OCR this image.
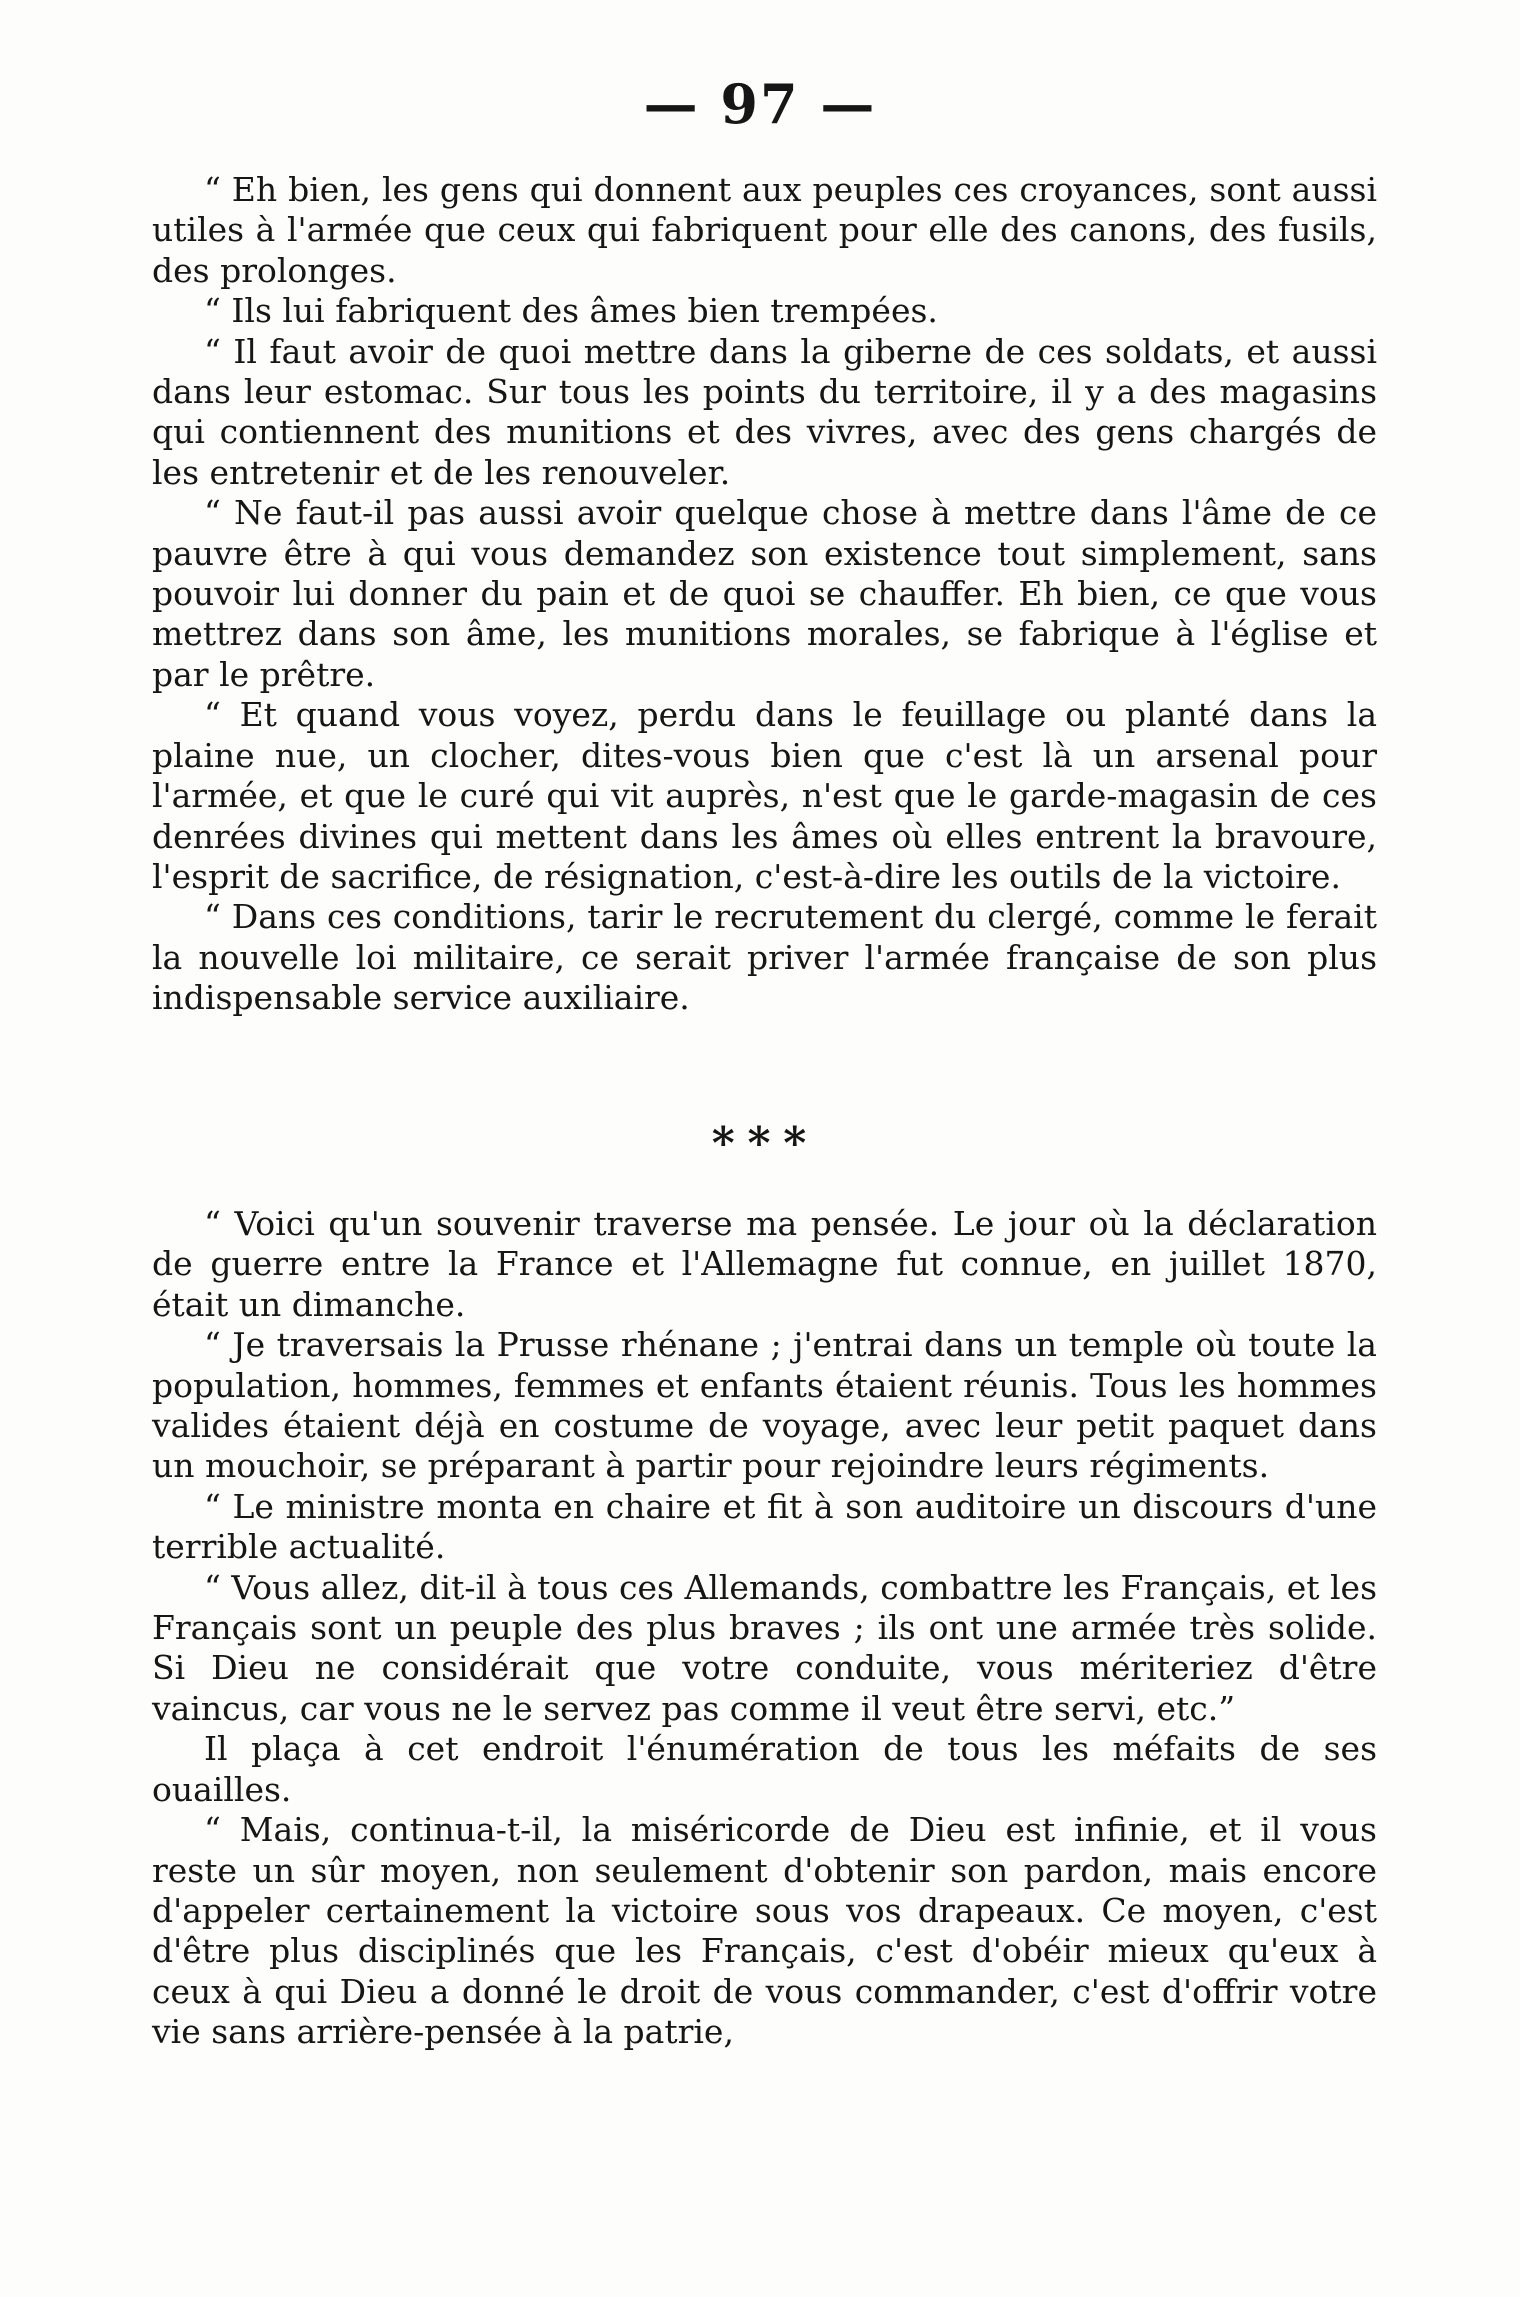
— 97 —

“ Eh bien, les gens qui donnent aux peuples ces croyances, sont aussi utiles à l'armée que ceux qui fabriquent pour elle des canons, des fusils, des prolonges.

“ Ils lui fabriquent des âmes bien trempées.

“ Il faut avoir de quoi mettre dans la giberne de ces soldats, et aussi dans leur estomac. Sur tous les points du territoire, il y a des magasins qui contiennent des munitions et des vivres, avec des gens chargés de les entretenir et de les renouveler.

“ Ne faut-il pas aussi avoir quelque chose à mettre dans l'âme de ce pauvre être à qui vous demandez son existence tout simplement, sans pouvoir lui donner du pain et de quoi se chauffer. Eh bien, ce que vous mettrez dans son âme, les munitions morales, se fabrique à l'église et par le prêtre.

“ Et quand vous voyez, perdu dans le feuillage ou planté dans la plaine nue, un clocher, dites-vous bien que c'est là un arsenal pour l'armée, et que le curé qui vit auprès, n'est que le garde-magasin de ces denrées divines qui mettent dans les âmes où elles entrent la bravoure, l'esprit de sacrifice, de résignation, c'est-à-dire les outils de la victoire.

“ Dans ces conditions, tarir le recrutement du clergé, comme le ferait la nouvelle loi militaire, ce serait priver l'armée française de son plus indispensable service auxiliaire.

* * *

“ Voici qu'un souvenir traverse ma pensée. Le jour où la déclaration de guerre entre la France et l'Allemagne fut connue, en juillet 1870, était un dimanche.

“ Je traversais la Prusse rhénane ; j'entrai dans un temple où toute la population, hommes, femmes et enfants étaient réunis. Tous les hommes valides étaient déjà en costume de voyage, avec leur petit paquet dans un mouchoir, se préparant à partir pour rejoindre leurs régiments.

“ Le ministre monta en chaire et fit à son auditoire un discours d'une terrible actualité.

“ Vous allez, dit-il à tous ces Allemands, combattre les Français, et les Français sont un peuple des plus braves ; ils ont une armée très solide. Si Dieu ne considérait que votre conduite, vous mériteriez d'être vaincus, car vous ne le servez pas comme il veut être servi, etc.”

Il plaça à cet endroit l'énumération de tous les méfaits de ses ouailles.

“ Mais, continua-t-il, la miséricorde de Dieu est infinie, et il vous reste un sûr moyen, non seulement d'obtenir son pardon, mais encore d'appeler certainement la victoire sous vos drapeaux. Ce moyen, c'est d'être plus disciplinés que les Français, c'est d'obéir mieux qu'eux à ceux à qui Dieu a donné le droit de vous commander, c'est d'offrir votre vie sans arrière-pensée à la patrie,
